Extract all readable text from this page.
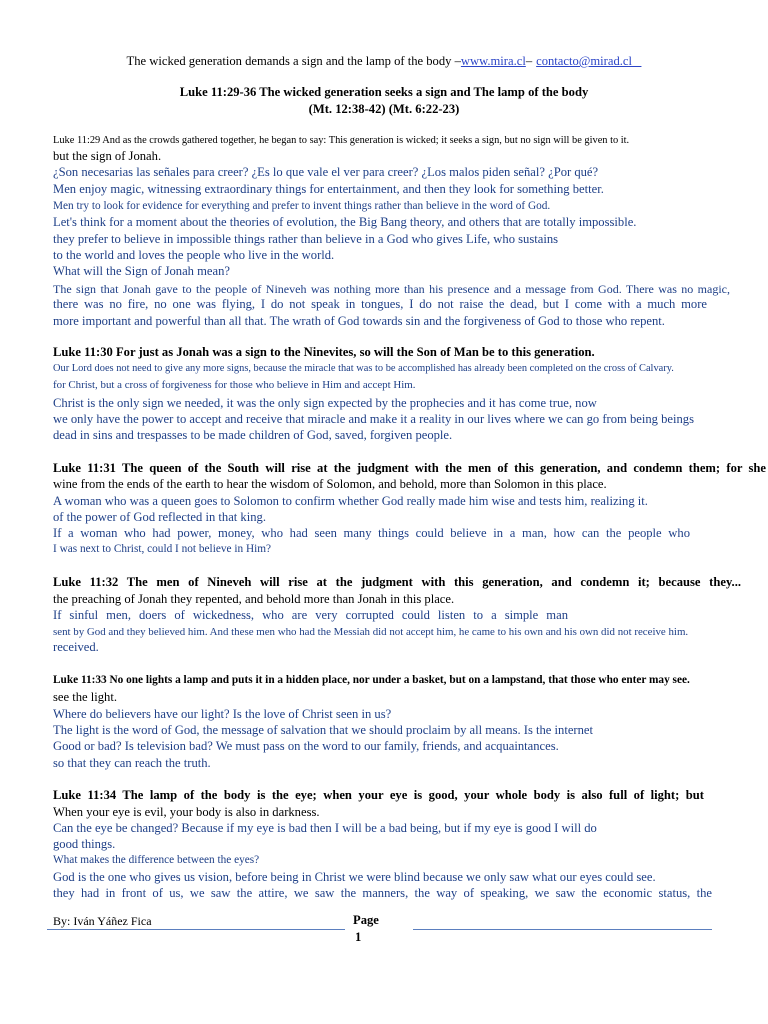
The wicked generation demands a sign and the lamp of the body –www.mira.cl– contacto@mirad.cl
Luke 11:29-36 The wicked generation seeks a sign and The lamp of the body
(Mt. 12:38-42) (Mt. 6:22-23)
Luke 11:29 And as the crowds gathered together, he began to say: This generation is wicked; it seeks a sign, but no sign will be given to it.
but the sign of Jonah.
¿Son necesarias las señales para creer? ¿Es lo que vale el ver para creer? ¿Los malos piden señal? ¿Por qué?
Men enjoy magic, witnessing extraordinary things for entertainment, and then they look for something better.
Men try to look for evidence for everything and prefer to invent things rather than believe in the word of God.
Let's think for a moment about the theories of evolution, the Big Bang theory, and others that are totally impossible.
they prefer to believe in impossible things rather than believe in a God who gives Life, who sustains
to the world and loves the people who live in the world.
What will the Sign of Jonah mean?
The sign that Jonah gave to the people of Nineveh was nothing more than his presence and a message from God. There was no magic,
there was no fire, no one was flying, I do not speak in tongues, I do not raise the dead, but I come with a much more
more important and powerful than all that. The wrath of God towards sin and the forgiveness of God to those who repent.
Luke 11:30 For just as Jonah was a sign to the Ninevites, so will the Son of Man be to this generation.
Our Lord does not need to give any more signs, because the miracle that was to be accomplished has already been completed on the cross of Calvary.
for Christ, but a cross of forgiveness for those who believe in Him and accept Him.
Christ is the only sign we needed, it was the only sign expected by the prophecies and it has come true, now
we only have the power to accept and receive that miracle and make it a reality in our lives where we can go from being beings
dead in sins and trespasses to be made children of God, saved, forgiven people.
Luke 11:31 The queen of the South will rise at the judgment with the men of this generation, and condemn them; for she
wine from the ends of the earth to hear the wisdom of Solomon, and behold, more than Solomon in this place.
A woman who was a queen goes to Solomon to confirm whether God really made him wise and tests him, realizing it.
of the power of God reflected in that king.
If a woman who had power, money, who had seen many things could believe in a man, how can the people who
I was next to Christ, could I not believe in Him?
Luke 11:32 The men of Nineveh will rise at the judgment with this generation, and condemn it; because they...
the preaching of Jonah they repented, and behold more than Jonah in this place.
If sinful men, doers of wickedness, who are very corrupted could listen to a simple man
sent by God and they believed him. And these men who had the Messiah did not accept him, he came to his own and his own did not receive him.
received.
Luke 11:33 No one lights a lamp and puts it in a hidden place, nor under a basket, but on a lampstand, that those who enter may see.
see the light.
Where do believers have our light? Is the love of Christ seen in us?
The light is the word of God, the message of salvation that we should proclaim by all means. Is the internet
Good or bad? Is television bad? We must pass on the word to our family, friends, and acquaintances.
so that they can reach the truth.
Luke 11:34 The lamp of the body is the eye; when your eye is good, your whole body is also full of light; but
When your eye is evil, your body is also in darkness.
Can the eye be changed? Because if my eye is bad then I will be a bad being, but if my eye is good I will do
good things.
What makes the difference between the eyes?
God is the one who gives us vision, before being in Christ we were blind because we only saw what our eyes could see.
they had in front of us, we saw the attire, we saw the manners, the way of speaking, we saw the economic status, the
By: Iván Yáñez Fica	Page
1
